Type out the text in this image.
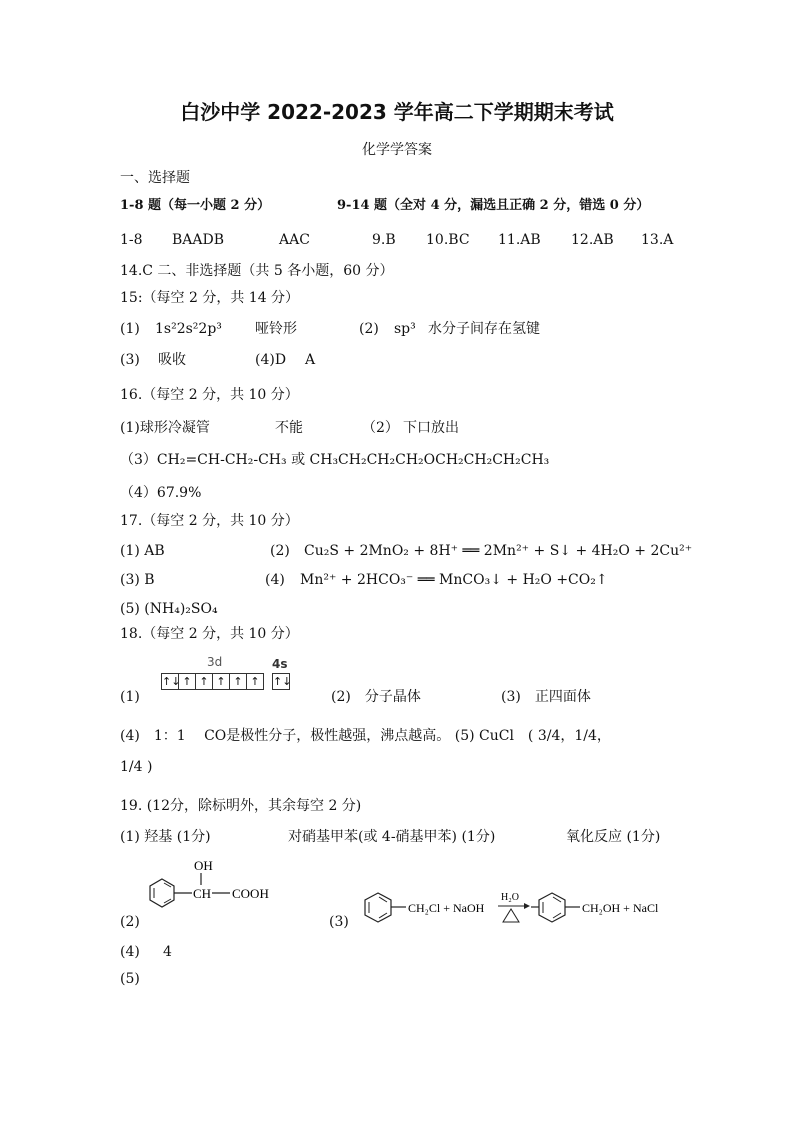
白沙中学 2022-2023 学年高二下学期期末考试
化学学答案
一、选择题
1-8 题（每一小题 2 分）	9-14 题（全对 4 分，漏选且正确 2 分，错选 0 分）
1-8 BAADB	AAC	9.B 10.BC 11.AB 12.AB 13.A
14.C 二、非选择题（共 5 各小题，60 分）
15:（每空 2 分，共 14 分）
(1) 1s²2s²2p³ 哑铃形	(2) sp³ 水分子间存在氢键
(3) 吸收	(4)D A
16.（每空 2 分，共 10 分）
(1)球形冷凝管	不能	（2） 下口放出
（3）CH₂=CH-CH₂-CH₃ 或 CH₃CH₂CH₂CH₂OCH₂CH₂CH₂CH₃
（4）67.9%
17.（每空 2 分，共 10 分）
(1) AB	(2) Cu₂S + 2MnO₂ + 8H⁺ ══ 2Mn²⁺ + S↓ + 4H₂O + 2Cu²⁺
(3) B	(4) Mn²⁺ + 2HCO₃⁻ ══ MnCO₃↓ + H₂O +CO₂↑
(5) (NH₄)₂SO₄
18.（每空 2 分，共 10 分）
(1)
3d	4s
↑↓ ↑ ↑ ↑ ↑ ↑	↑↓
(2)　分子晶体	(3)　正四面体
(4)　1：1　 CO是极性分子，极性越强，沸点越高。 (5) CuCl　( 3/4，1/4，
1/4 )
19. (12分，除标明外，其余每空 2 分)
(1) 羟基 (1分)	对硝基甲苯(或 4-硝基甲苯) (1分)	氧化反应 (1分)
(2)
OH
CH COOH
(3)
CH₂Cl + NaOH
H₂O
CH₂OH + NaCl
(4) 4
(5)
